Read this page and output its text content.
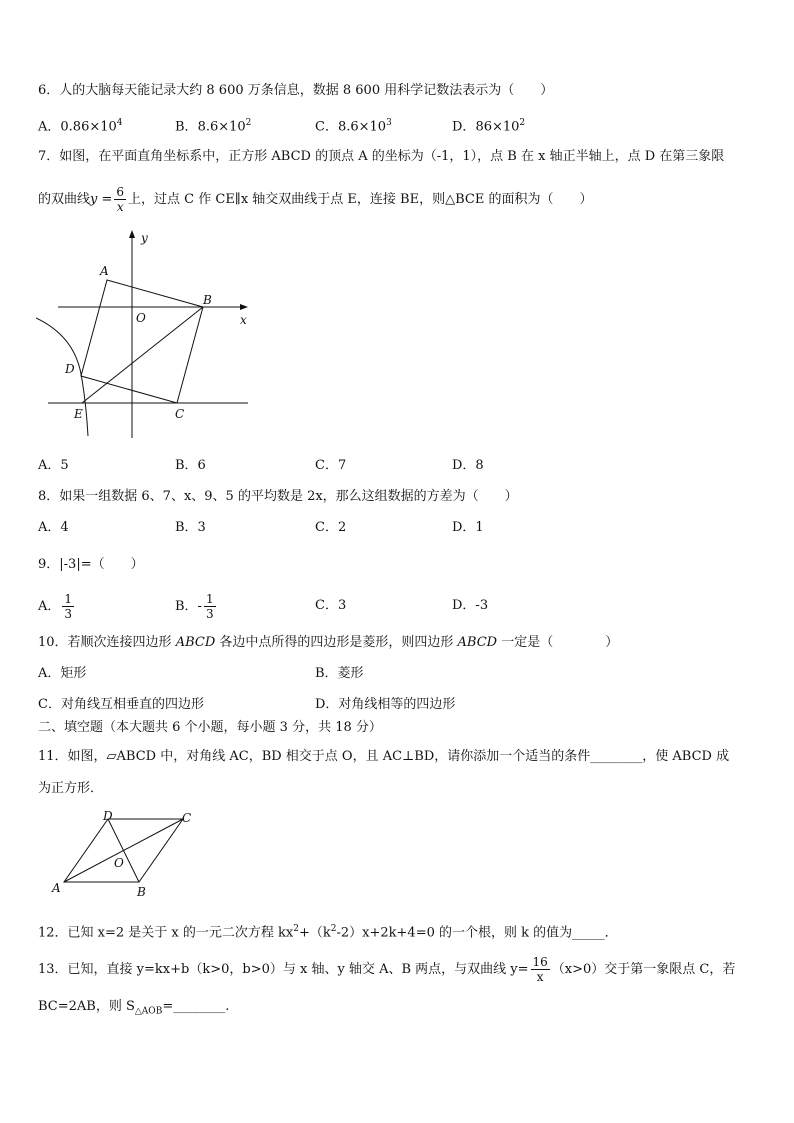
6．人的大脑每天能记录大约 8 600 万条信息，数据 8 600 用科学记数法表示为（　　）
A．$0.86\times 10^4$	B．$8.6\times 10^2$	C．$8.6\times 10^3$	D．$86\times 10^2$
7．如图，在平面直角坐标系中，正方形 ABCD 的顶点 A 的坐标为（-1，1），点 B 在 x 轴正半轴上，点 D 在第三象限
的双曲线$y = \frac{6}{x}$ 上，过点 C 作 CE∥x 轴交双曲线于点 E，连接 BE，则△BCE 的面积为（　　）
y
x
O
A
B
C
D
E
A．5	B．6	C．7	D．8
8．如果一组数据 6、7、x、9、5 的平均数是 2x，那么这组数据的方差为（　　）
A．4	B．3	C．2	D．1
9．|-3|=（　　）
A． $\frac{1}{3}$	B．- $\frac{1}{3}$	C．3	D．-3
10．若顺次连接四边形 ABCD 各边中点所得的四边形是菱形，则四边形 ABCD 一定是（　　　　）
A．矩形	B．菱形
C．对角线互相垂直的四边形	D．对角线相等的四边形
二、填空题（本大题共 6 个小题，每小题 3 分，共 18 分）
11．如图，▱ABCD 中，对角线 AC，BD 相交于点 O，且 AC⊥BD，请你添加一个适当的条件________，使 ABCD 成
为正方形．
A	B
C
D
O
12．已知 x=2 是关于 x 的一元二次方程 $kx^2+(k^2-2)x+2k+4=0$ 的一个根，则 k 的值为_____．
13．已知，直接 y=kx+b（k>0，b>0）与 x 轴、y 轴交 A、B 两点，与双曲线 $y= \frac{16}{x} (x>0)$交于第一象限点 C，若
BC=2AB，则 $S_{\triangle AOB}=\_\_\_\_\_\_\_\_$.
